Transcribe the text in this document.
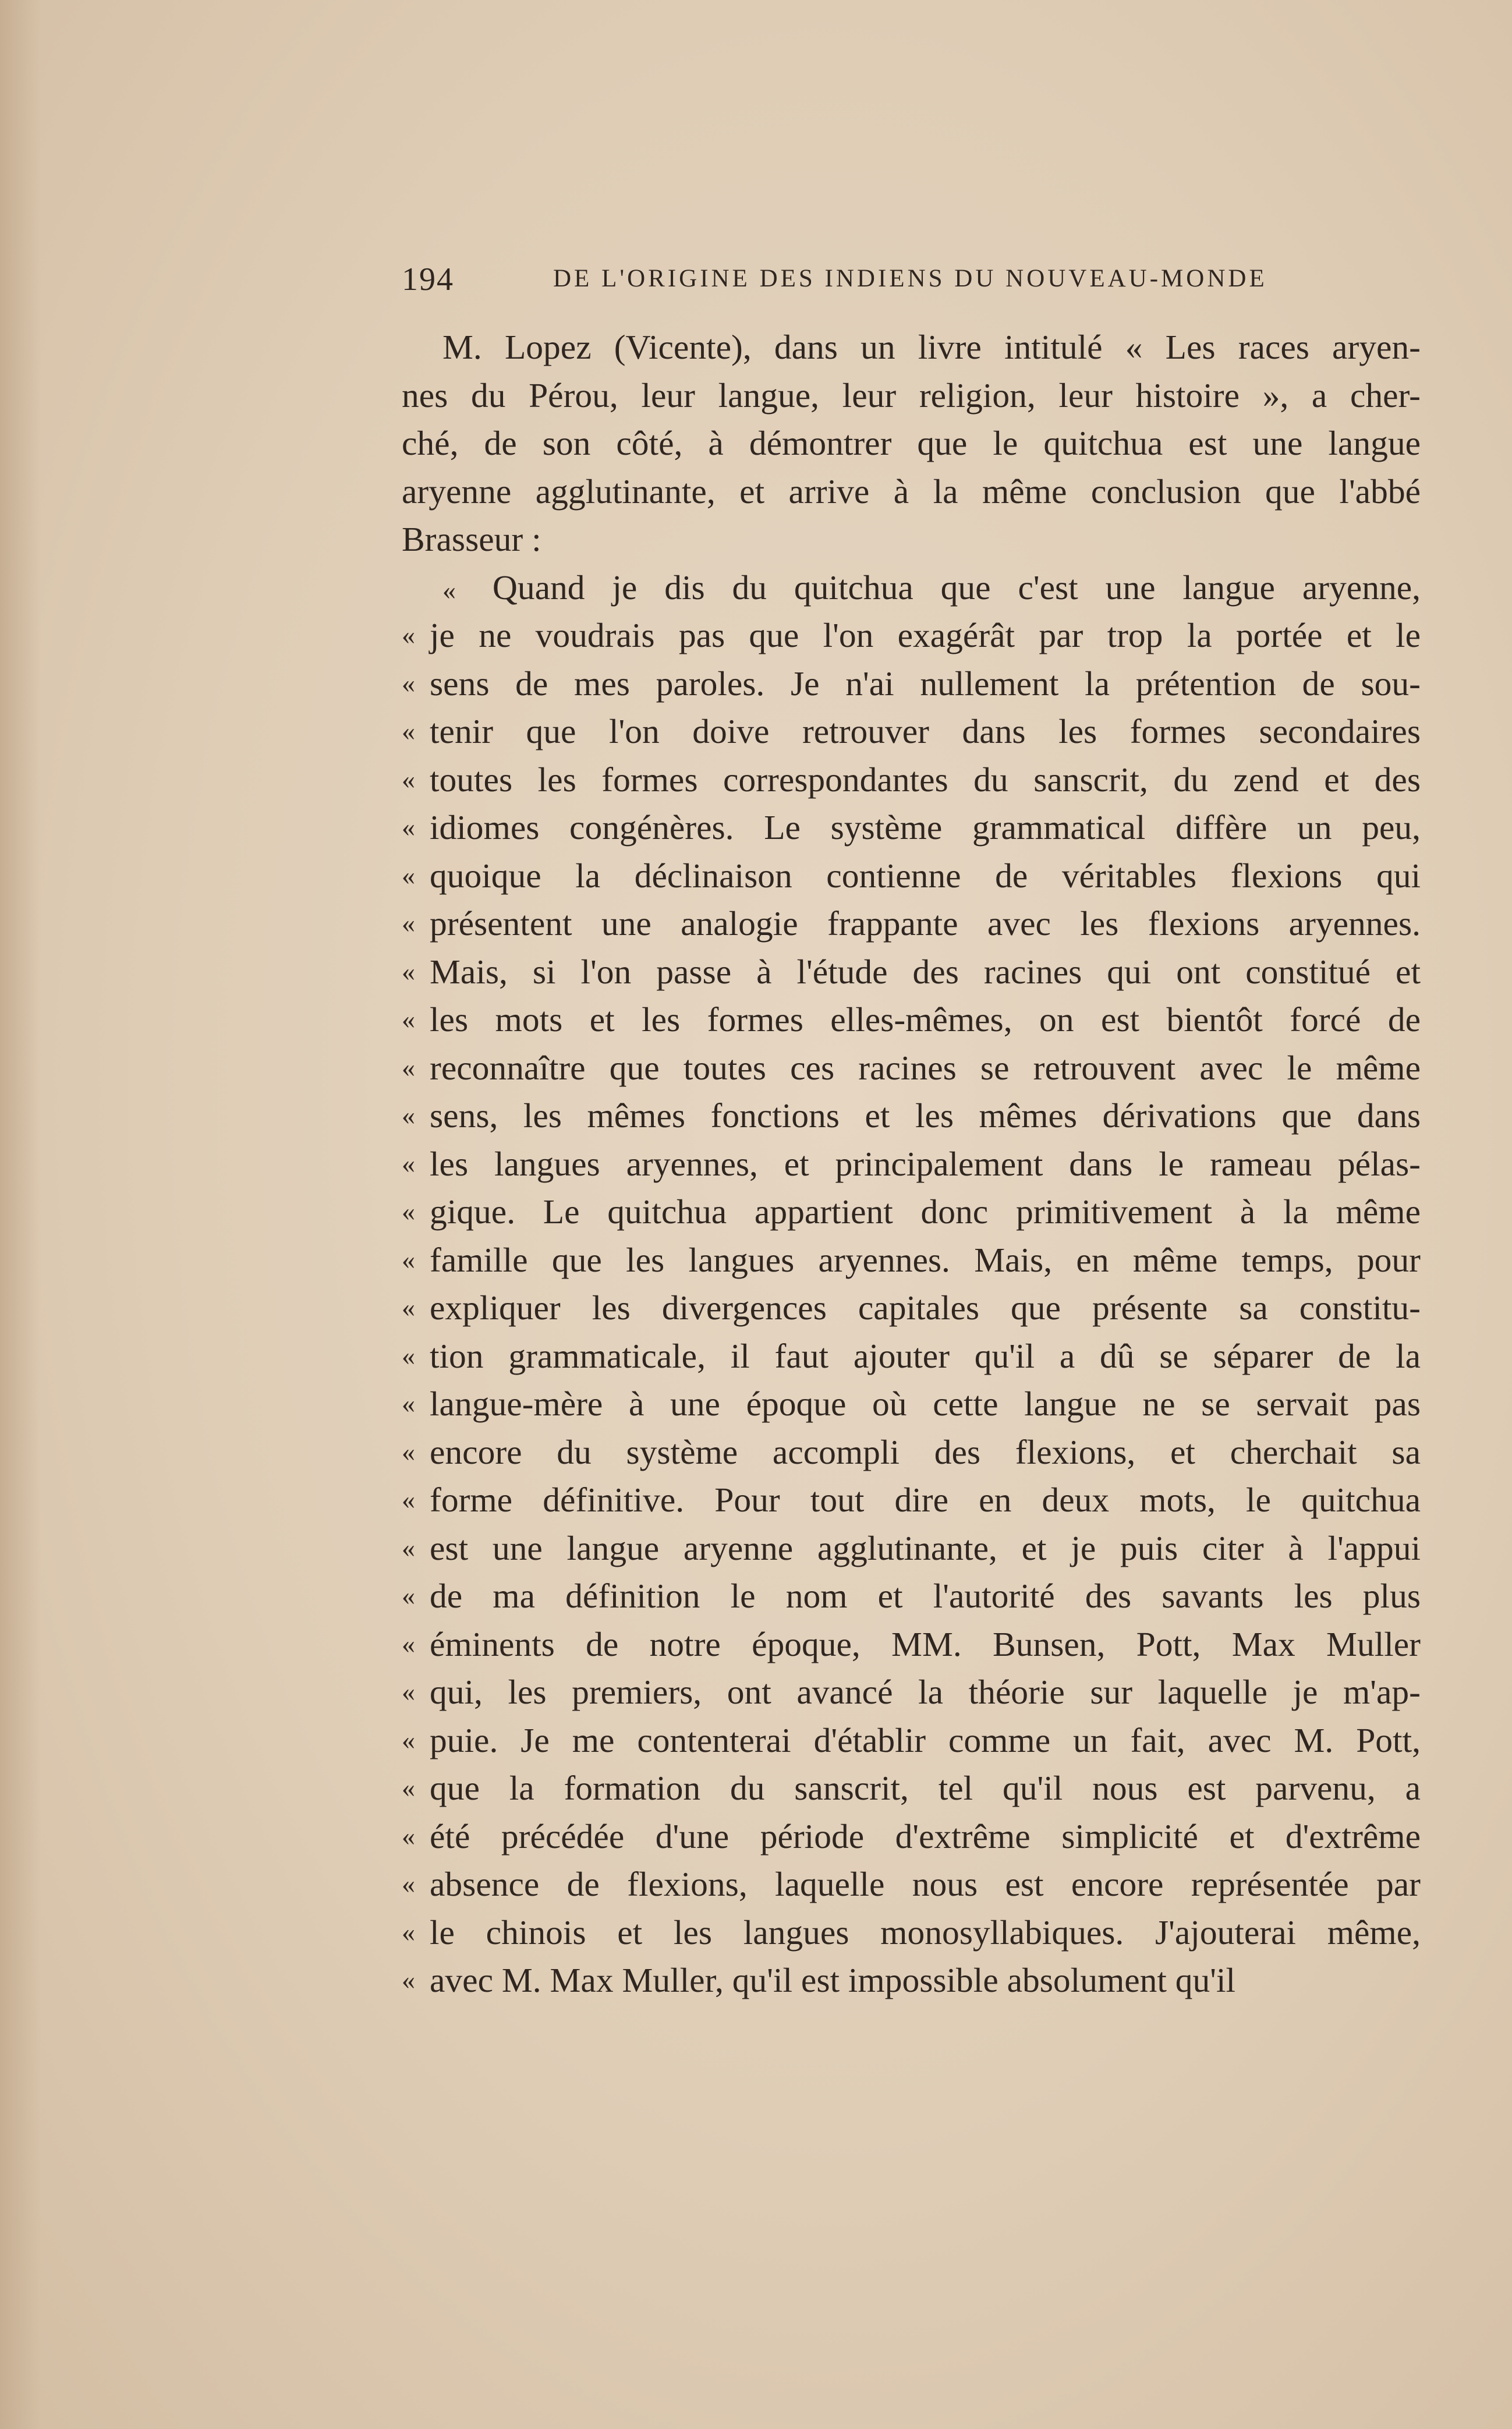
194	DE L'ORIGINE DES INDIENS DU NOUVEAU-MONDE
M. Lopez (Vicente), dans un livre intitulé « Les races aryen-
nes du Pérou, leur langue, leur religion, leur histoire », a cher-
ché, de son côté, à démontrer que le quitchua est une langue
aryenne agglutinante, et arrive à la même conclusion que l'abbé
Brasseur :
« Quand je dis du quitchua que c'est une langue aryenne,
« je ne voudrais pas que l'on exagérât par trop la portée et le
« sens de mes paroles. Je n'ai nullement la prétention de sou-
« tenir que l'on doive retrouver dans les formes secondaires
« toutes les formes correspondantes du sanscrit, du zend et des
« idiomes congénères. Le système grammatical diffère un peu,
« quoique la déclinaison contienne de véritables flexions qui
« présentent une analogie frappante avec les flexions aryennes.
« Mais, si l'on passe à l'étude des racines qui ont constitué et
« les mots et les formes elles-mêmes, on est bientôt forcé de
« reconnaître que toutes ces racines se retrouvent avec le même
« sens, les mêmes fonctions et les mêmes dérivations que dans
« les langues aryennes, et principalement dans le rameau pélas-
« gique. Le quitchua appartient donc primitivement à la même
« famille que les langues aryennes. Mais, en même temps, pour
« expliquer les divergences capitales que présente sa constitu-
« tion grammaticale, il faut ajouter qu'il a dû se séparer de la
« langue-mère à une époque où cette langue ne se servait pas
« encore du système accompli des flexions, et cherchait sa
« forme définitive. Pour tout dire en deux mots, le quitchua
« est une langue aryenne agglutinante, et je puis citer à l'appui
« de ma définition le nom et l'autorité des savants les plus
« éminents de notre époque, MM. Bunsen, Pott, Max Muller
« qui, les premiers, ont avancé la théorie sur laquelle je m'ap-
« puie. Je me contenterai d'établir comme un fait, avec M. Pott,
« que la formation du sanscrit, tel qu'il nous est parvenu, a
« été précédée d'une période d'extrême simplicité et d'extrême
« absence de flexions, laquelle nous est encore représentée par
« le chinois et les langues monosyllabiques. J'ajouterai même,
« avec M. Max Muller, qu'il est impossible absolument qu'il
